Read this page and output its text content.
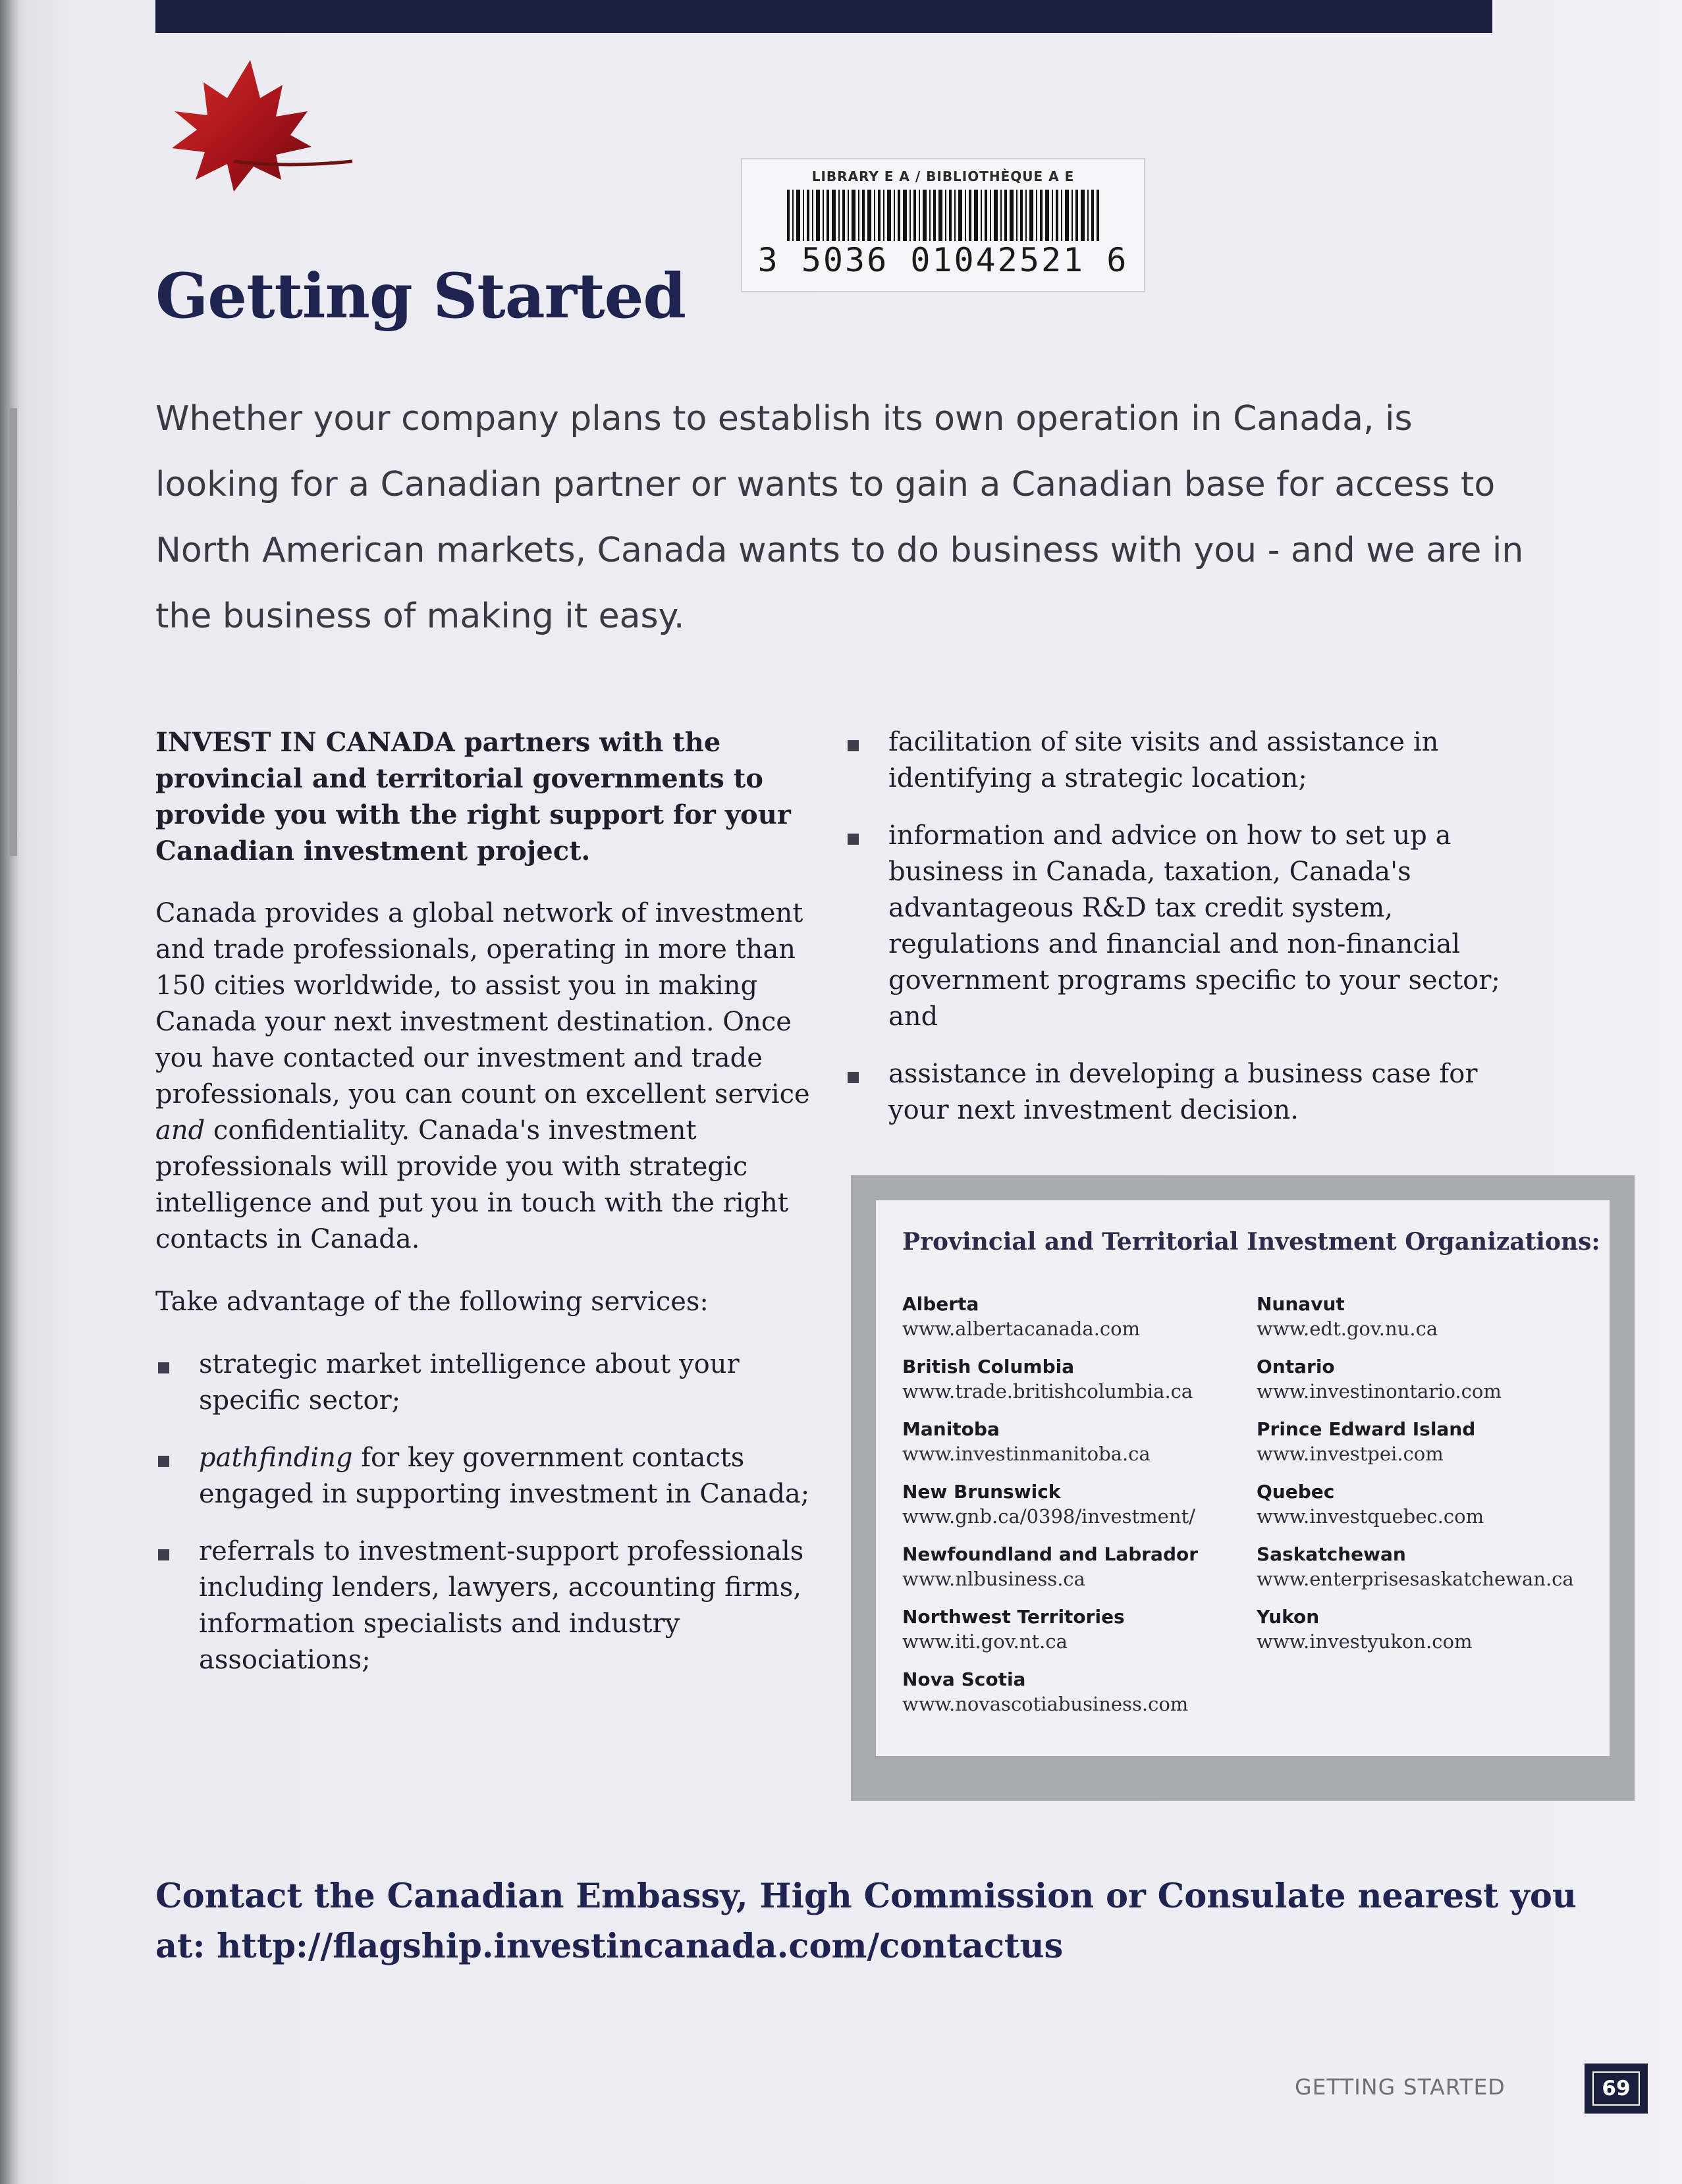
LIBRARY E A / BIBLIOTHÈQUE A E
3 5036 01042521 6
Getting Started

Whether your company plans to establish its own operation in Canada, is looking for a Canadian partner or wants to gain a Canadian base for access to North American markets, Canada wants to do business with you - and we are in the business of making it easy.

INVEST IN CANADA partners with the provincial and territorial governments to provide you with the right support for your Canadian investment project.

Canada provides a global network of investment and trade professionals, operating in more than 150 cities worldwide, to assist you in making Canada your next investment destination. Once you have contacted our investment and trade professionals, you can count on excellent service and confidentiality. Canada's investment professionals will provide you with strategic intelligence and put you in touch with the right contacts in Canada.

Take advantage of the following services:

strategic market intelligence about your specific sector;
pathfinding for key government contacts engaged in supporting investment in Canada;
referrals to investment-support professionals including lenders, lawyers, accounting firms, information specialists and industry associations;
facilitation of site visits and assistance in identifying a strategic location;
information and advice on how to set up a business in Canada, taxation, Canada's advantageous R&D tax credit system, regulations and financial and non-financial government programs specific to your sector; and
assistance in developing a business case for your next investment decision.

Provincial and Territorial Investment Organizations:

Alberta
www.albertacanada.com
British Columbia
www.trade.britishcolumbia.ca
Manitoba
www.investinmanitoba.ca
New Brunswick
www.gnb.ca/0398/investment/
Newfoundland and Labrador
www.nlbusiness.ca
Northwest Territories
www.iti.gov.nt.ca
Nova Scotia
www.novascotiabusiness.com
Nunavut
www.edt.gov.nu.ca
Ontario
www.investinontario.com
Prince Edward Island
www.investpei.com
Quebec
www.investquebec.com
Saskatchewan
www.enterprisesaskatchewan.ca
Yukon
www.investyukon.com

Contact the Canadian Embassy, High Commission or Consulate nearest you
at: http://flagship.investincanada.com/contactus

GETTING STARTED	69
